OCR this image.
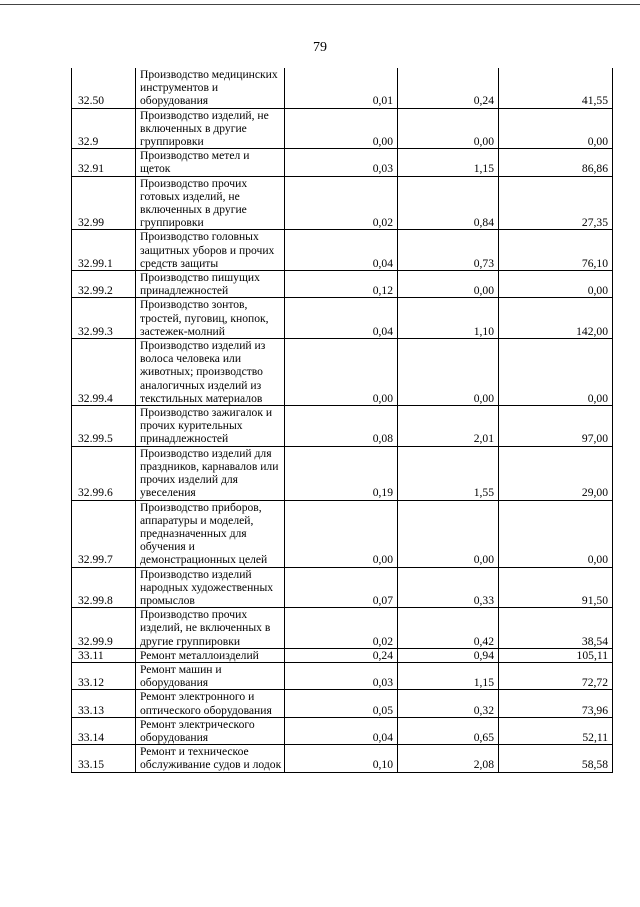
79
32.50	Производство медицинских инструментов и оборудования	0,01	0,24	41,55
32.9	Производство изделий, не включенных в другие группировки	0,00	0,00	0,00
32.91	Производство метел и щеток	0,03	1,15	86,86
32.99	Производство прочих готовых изделий, не включенных в другие группировки	0,02	0,84	27,35
32.99.1	Производство головных защитных уборов и прочих средств защиты	0,04	0,73	76,10
32.99.2	Производство пишущих принадлежностей	0,12	0,00	0,00
32.99.3	Производство зонтов, тростей, пуговиц, кнопок, застежек-молний	0,04	1,10	142,00
32.99.4	Производство изделий из волоса человека или животных; производство аналогичных изделий из текстильных материалов	0,00	0,00	0,00
32.99.5	Производство зажигалок и прочих курительных принадлежностей	0,08	2,01	97,00
32.99.6	Производство изделий для праздников, карнавалов или прочих изделий для увеселения	0,19	1,55	29,00
32.99.7	Производство приборов, аппаратуры и моделей, предназначенных для обучения и демонстрационных целей	0,00	0,00	0,00
32.99.8	Производство изделий народных художественных промыслов	0,07	0,33	91,50
32.99.9	Производство прочих изделий, не включенных в другие группировки	0,02	0,42	38,54
33.11	Ремонт металлоизделий	0,24	0,94	105,11
33.12	Ремонт машин и оборудования	0,03	1,15	72,72
33.13	Ремонт электронного и оптического оборудования	0,05	0,32	73,96
33.14	Ремонт электрического оборудования	0,04	0,65	52,11
33.15	Ремонт и техническое обслуживание судов и лодок	0,10	2,08	58,58
